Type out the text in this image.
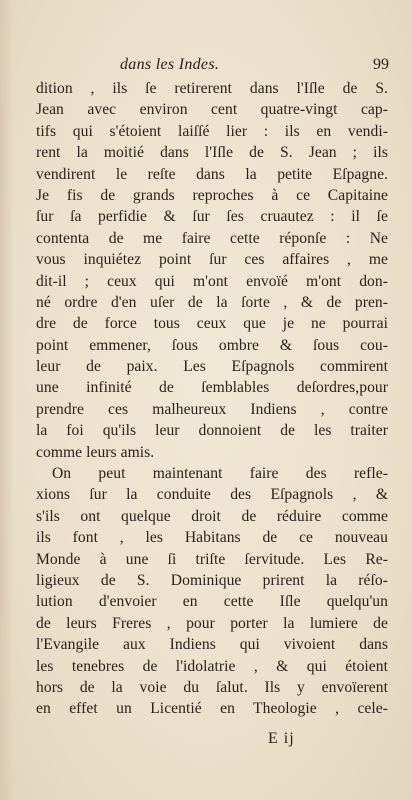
dans les Indes.	99
dition , ils ſe retirerent dans l'Iſle de S.
Jean avec environ cent quatre-vingt cap-
tifs qui s'étoient laiſſé lier : ils en vendi-
rent la moitié dans l'Iſle de S. Jean ; ils
vendirent le reſte dans la petite Eſpagne.
Je fis de grands reproches à ce Capitaine
ſur ſa perfidie & ſur ſes cruautez : il ſe
contenta de me faire cette réponſe : Ne
vous inquiétez point ſur ces affaires , me
dit-il ; ceux qui m'ont envoïé m'ont don-
né ordre d'en uſer de la ſorte , & de pren-
dre de force tous ceux que je ne pourrai
point emmener, ſous ombre & ſous cou-
leur de paix. Les Eſpagnols commirent
une infinité de ſemblables deſordres,pour
prendre ces malheureux Indiens , contre
la foi qu'ils leur donnoient de les traiter
comme leurs amis.
On peut maintenant faire des refle-
xions ſur la conduite des Eſpagnols , &
s'ils ont quelque droit de réduire comme
ils font , les Habitans de ce nouveau
Monde à une ſi triſte ſervitude. Les Re-
ligieux de S. Dominique prirent la réſo-
lution d'envoier en cette Iſle quelqu'un
de leurs Freres , pour porter la lumiere de
l'Evangile aux Indiens qui vivoient dans
les tenebres de l'idolatrie , & qui étoient
hors de la voie du ſalut. Ils y envoïerent
en effet un Licentié en Theologie , cele-
E ij
